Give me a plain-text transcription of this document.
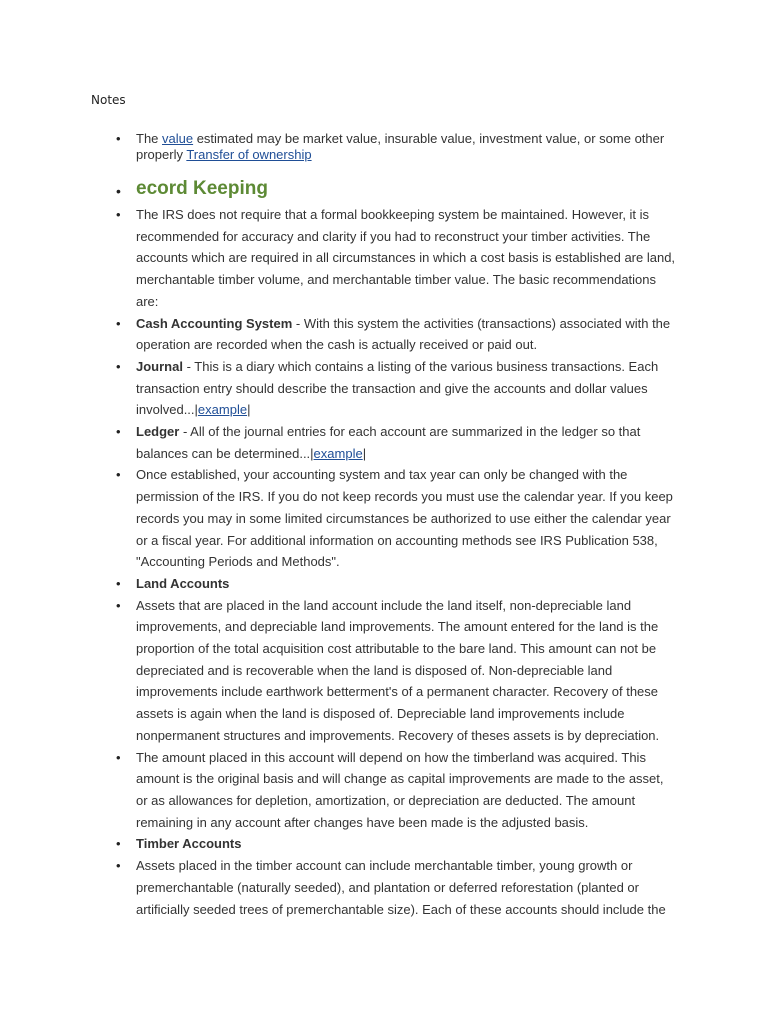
Notes
• The value estimated may be market value, insurable value, investment value, or some other properly Transfer of ownership
• ecord Keeping
• The IRS does not require that a formal bookkeeping system be maintained. However, it is recommended for accuracy and clarity if you had to reconstruct your timber activities. The accounts which are required in all circumstances in which a cost basis is established are land, merchantable timber volume, and merchantable timber value. The basic recommendations are:
• Cash Accounting System - With this system the activities (transactions) associated with the operation are recorded when the cash is actually received or paid out.
• Journal - This is a diary which contains a listing of the various business transactions. Each transaction entry should describe the transaction and give the accounts and dollar values involved...|example|
• Ledger - All of the journal entries for each account are summarized in the ledger so that balances can be determined...|example|
• Once established, your accounting system and tax year can only be changed with the permission of the IRS. If you do not keep records you must use the calendar year. If you keep records you may in some limited circumstances be authorized to use either the calendar year or a fiscal year. For additional information on accounting methods see IRS Publication 538, "Accounting Periods and Methods".
• Land Accounts
• Assets that are placed in the land account include the land itself, non-depreciable land improvements, and depreciable land improvements. The amount entered for the land is the proportion of the total acquisition cost attributable to the bare land. This amount can not be depreciated and is recoverable when the land is disposed of. Non-depreciable land improvements include earthwork betterment's of a permanent character. Recovery of these assets is again when the land is disposed of. Depreciable land improvements include nonpermanent structures and improvements. Recovery of theses assets is by depreciation.
• The amount placed in this account will depend on how the timberland was acquired. This amount is the original basis and will change as capital improvements are made to the asset, or as allowances for depletion, amortization, or depreciation are deducted. The amount remaining in any account after changes have been made is the adjusted basis.
• Timber Accounts
• Assets placed in the timber account can include merchantable timber, young growth or premerchantable (naturally seeded), and plantation or deferred reforestation (planted or artificially seeded trees of premerchantable size). Each of these accounts should include the
